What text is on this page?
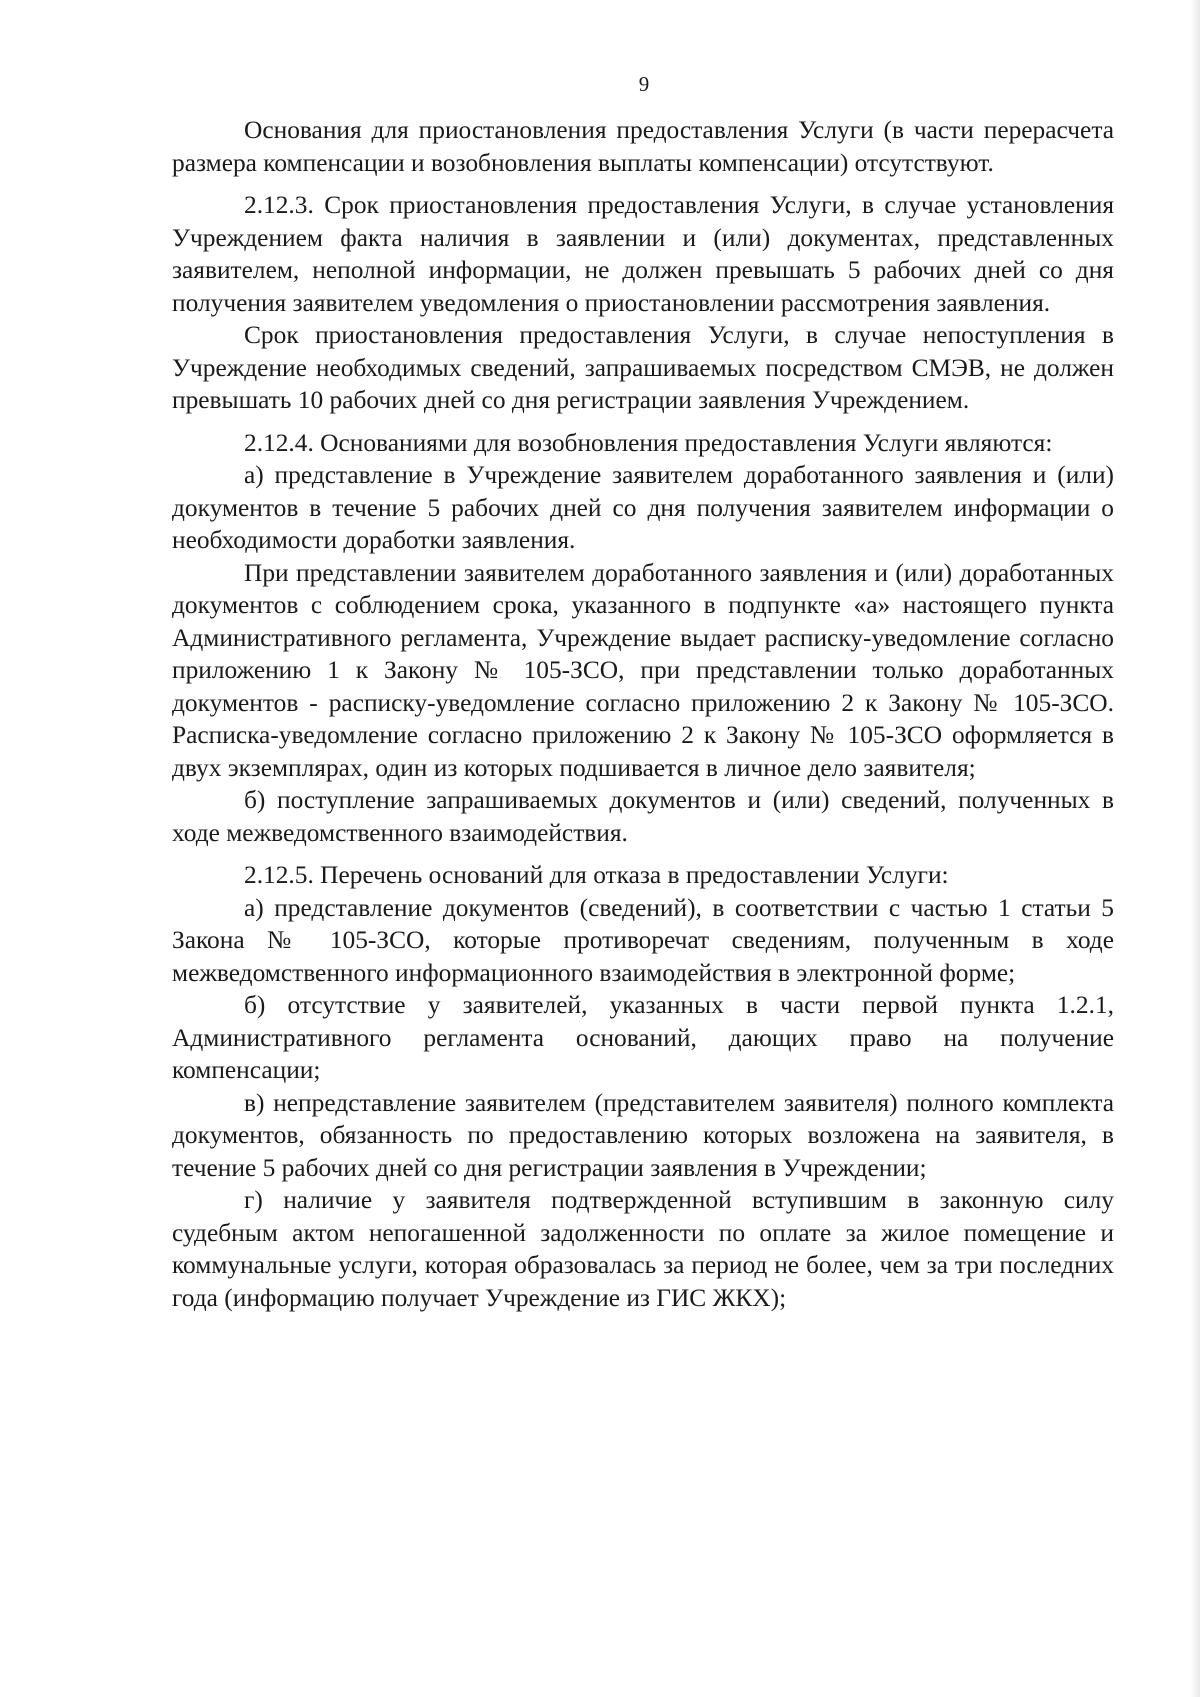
9

Основания для приостановления предоставления Услуги (в части перерасчета размера компенсации и возобновления выплаты компенсации) отсутствуют.

2.12.3. Срок приостановления предоставления Услуги, в случае установления Учреждением факта наличия в заявлении и (или) документах, представленных заявителем, неполной информации, не должен превышать 5 рабочих дней со дня получения заявителем уведомления о приостановлении рассмотрения заявления.

Срок приостановления предоставления Услуги, в случае непоступления в Учреждение необходимых сведений, запрашиваемых посредством СМЭВ, не должен превышать 10 рабочих дней со дня регистрации заявления Учреждением.

2.12.4. Основаниями для возобновления предоставления Услуги являются:

а) представление в Учреждение заявителем доработанного заявления и (или) документов в течение 5 рабочих дней со дня получения заявителем информации о необходимости доработки заявления.

При представлении заявителем доработанного заявления и (или) доработанных документов с соблюдением срока, указанного в подпункте «а» настоящего пункта Административного регламента, Учреждение выдает расписку-уведомление согласно приложению 1 к Закону № 105-ЗСО, при представлении только доработанных документов - расписку-уведомление согласно приложению 2 к Закону № 105-ЗСО. Расписка-уведомление согласно приложению 2 к Закону № 105-ЗСО оформляется в двух экземплярах, один из которых подшивается в личное дело заявителя;

б) поступление запрашиваемых документов и (или) сведений, полученных в ходе межведомственного взаимодействия.

2.12.5. Перечень оснований для отказа в предоставлении Услуги:

а) представление документов (сведений), в соответствии с частью 1 статьи 5 Закона № 105-ЗСО, которые противоречат сведениям, полученным в ходе межведомственного информационного взаимодействия в электронной форме;

б) отсутствие у заявителей, указанных в части первой пункта 1.2.1, Административного регламента оснований, дающих право на получение компенсации;

в) непредставление заявителем (представителем заявителя) полного комплекта документов, обязанность по предоставлению которых возложена на заявителя, в течение 5 рабочих дней со дня регистрации заявления в Учреждении;

г) наличие у заявителя подтвержденной вступившим в законную силу судебным актом непогашенной задолженности по оплате за жилое помещение и коммунальные услуги, которая образовалась за период не более, чем за три последних года (информацию получает Учреждение из ГИС ЖКХ);
